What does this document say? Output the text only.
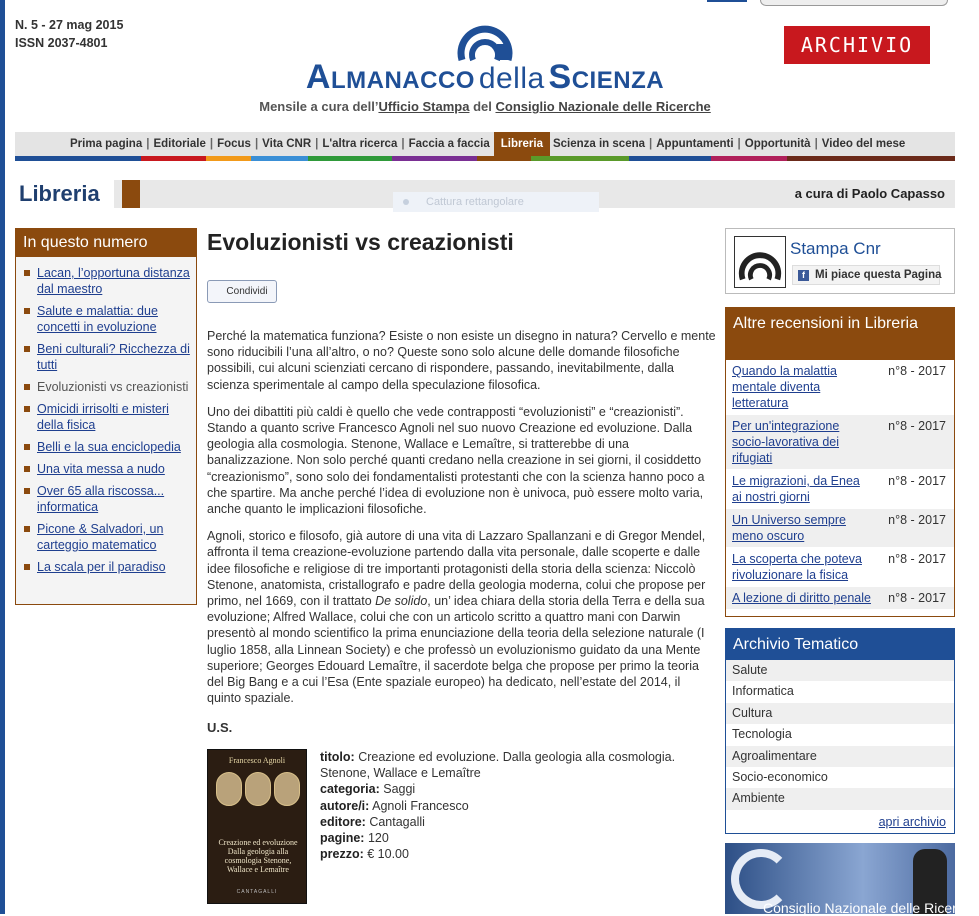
N. 5 - 27 mag 2015
ISSN 2037-4801
Almanacco della Scienza
Mensile a cura dell’Ufficio Stampa del Consiglio Nazionale delle Ricerche
ARCHIVIO
Prima pagina | Editoriale | Focus | Vita CNR | L'altra ricerca | Faccia a faccia Libreria Scienza in scena | Appuntamenti | Opportunità | Video del mese
Libreria	a cura di Paolo Capasso
Cattura rettangolare
In questo numero
Lacan, l’opportuna distanza dal maestro
Salute e malattia: due concetti in evoluzione
Beni culturali? Ricchezza di tutti
Evoluzionisti vs creazionisti
Omicidi irrisolti e misteri della fisica
Belli e la sua enciclopedia
Una vita messa a nudo
Over 65 alla riscossa... informatica
Picone & Salvadori, un carteggio matematico
La scala per il paradiso
Evoluzionisti vs creazionisti
Condividi

Perché la matematica funziona? Esiste o non esiste un disegno in natura? Cervello e mente sono riducibili l’una all’altro, o no? Queste sono solo alcune delle domande filosofiche possibili, cui alcuni scienziati cercano di rispondere, passando, inevitabilmente, dalla scienza sperimentale al campo della speculazione filosofica.

Uno dei dibattiti più caldi è quello che vede contrapposti “evoluzionisti” e “creazionisti”. Stando a quanto scrive Francesco Agnoli nel suo nuovo Creazione ed evoluzione. Dalla geologia alla cosmologia. Stenone, Wallace e Lemaître, si tratterebbe di una banalizzazione. Non solo perché quanti credano nella creazione in sei giorni, il cosiddetto “creazionismo”, sono solo dei fondamentalisti protestanti che con la scienza hanno poco a che spartire. Ma anche perché l’idea di evoluzione non è univoca, può essere molto varia, anche quanto le implicazioni filosofiche.

Agnoli, storico e filosofo, già autore di una vita di Lazzaro Spallanzani e di Gregor Mendel, affronta il tema creazione-evoluzione partendo dalla vita personale, dalle scoperte e dalle idee filosofiche e religiose di tre importanti protagonisti della storia della scienza: Niccolò Stenone, anatomista, cristallografo e padre della geologia moderna, colui che propose per primo, nel 1669, con il trattato De solido, un’ idea chiara della storia della Terra e della sua evoluzione; Alfred Wallace, colui che con un articolo scritto a quattro mani con Darwin presentò al mondo scientifico la prima enunciazione della teoria della selezione naturale (I luglio 1858, alla Linnean Society) e che professò un evoluzionismo guidato da una Mente superiore; Georges Edouard Lemaître, il sacerdote belga che propose per primo la teoria del Big Bang e a cui l’Esa (Ente spaziale europeo) ha dedicato, nell’estate del 2014, il quinto spaziale.

U.S.
Francesco Agnoli
Creazione ed evoluzione Dalla geologia alla cosmologia Stenone, Wallace e Lemaître
CANTAGALLI
titolo: Creazione ed evoluzione. Dalla geologia alla cosmologia. Stenone, Wallace e Lemaître
categoria: Saggi
autore/i: Agnoli Francesco
editore: Cantagalli
pagine: 120
prezzo: € 10.00
Stampa Cnr
f Mi piace questa Pagina
Altre recensioni in Libreria
Quando la malattia mentale diventa letteratura
n°8 - 2017
Per un'integrazione socio-lavorativa dei rifugiati
n°8 - 2017
Le migrazioni, da Enea ai nostri giorni
n°8 - 2017
Un Universo sempre meno oscuro
n°8 - 2017
La scoperta che poteva rivoluzionare la fisica
n°8 - 2017
A lezione di diritto penale n°8 - 2017
Archivio Tematico
Salute
Informatica
Cultura
Tecnologia
Agroalimentare
Socio-economico
Ambiente
apri archivio
Consiglio Nazionale delle Ricerche
